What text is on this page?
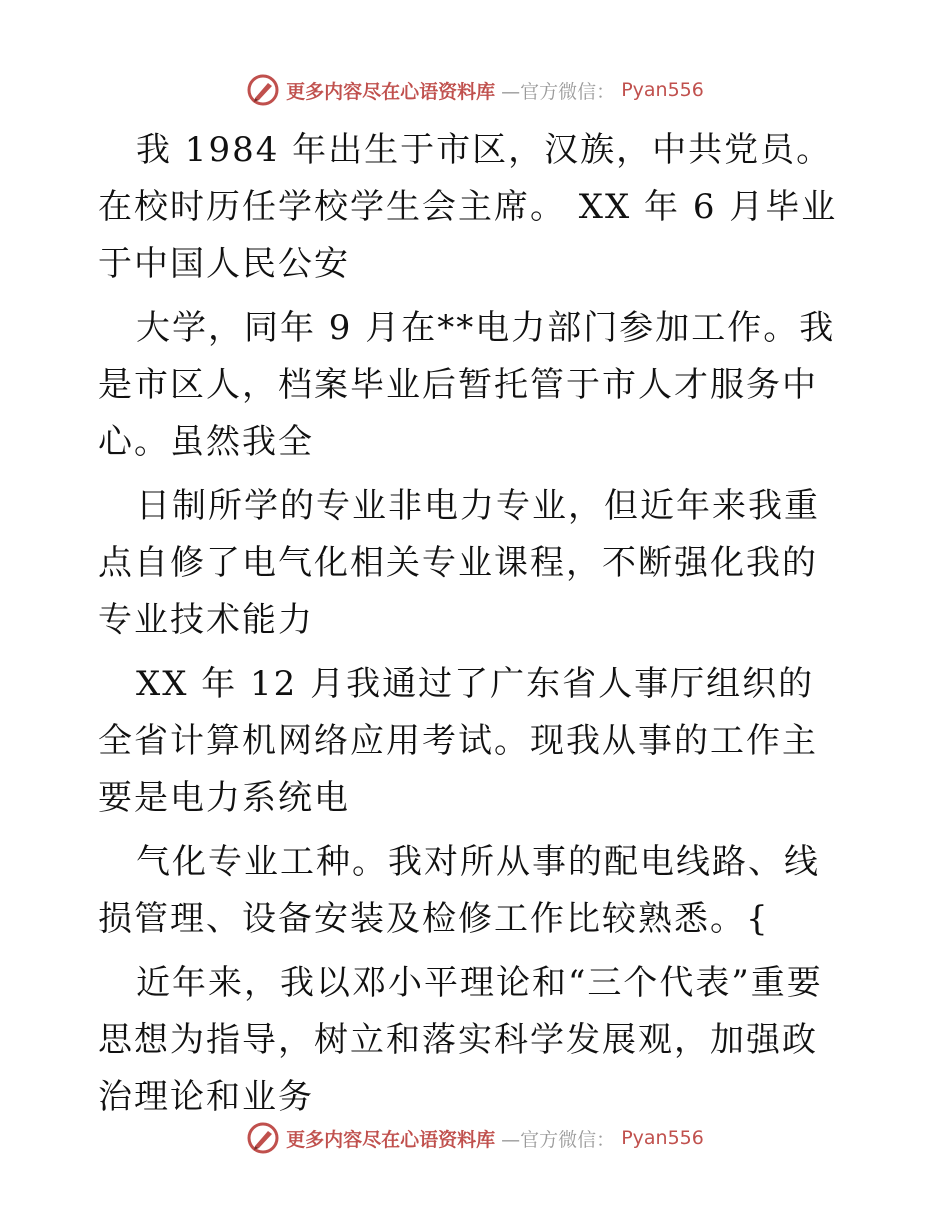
更多内容尽在心语资料库 —官方微信： Pyan556

我 1984 年出生于市区，汉族，中共党员。在校时历任学校学生会主席。 XX 年 6 月毕业于中国人民公安

大学，同年 9 月在**电力部门参加工作。我是市区人，档案毕业后暂托管于市人才服务中心。虽然我全

日制所学的专业非电力专业，但近年来我重点自修了电气化相关专业课程，不断强化我的专业技术能力

XX 年 12 月我通过了广东省人事厅组织的全省计算机网络应用考试。现我从事的工作主要是电力系统电

气化专业工种。我对所从事的配电线路、线损管理、设备安装及检修工作比较熟悉。{

近年来，我以邓小平理论和“三个代表”重要思想为指导，树立和落实科学发展观，加强政治理论和业务

更多内容尽在心语资料库 —官方微信： Pyan556
